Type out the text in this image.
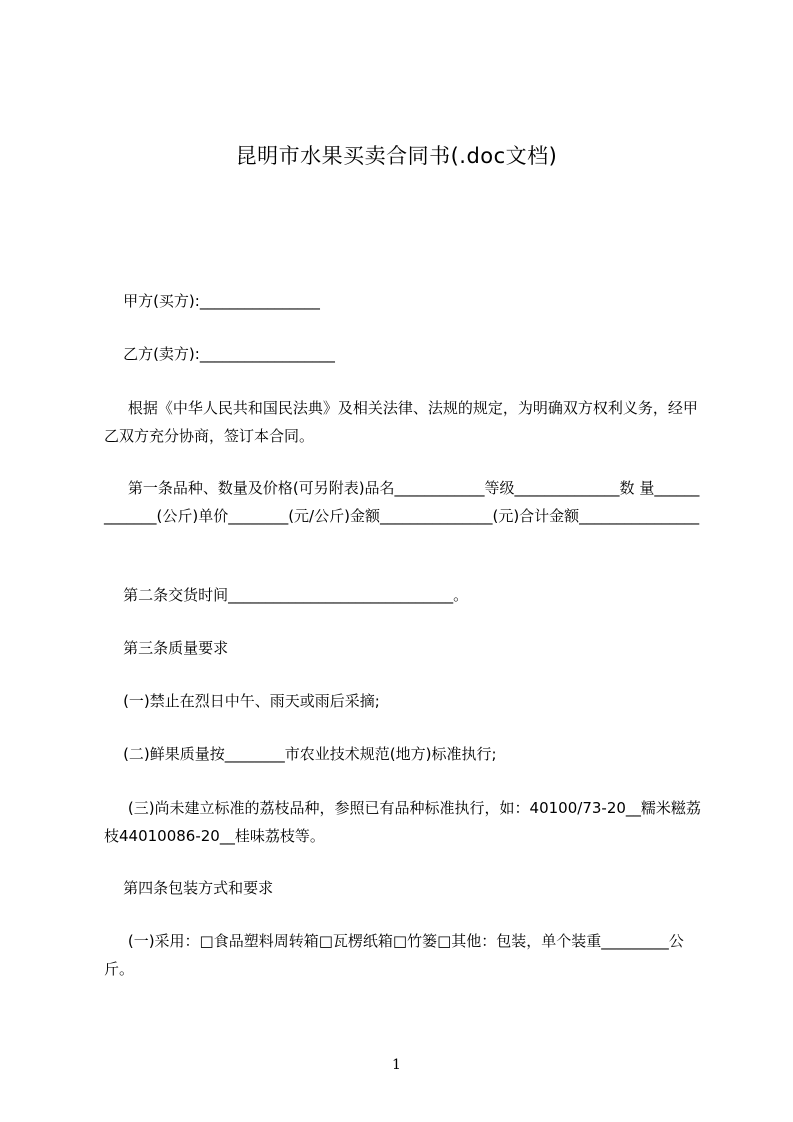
昆明市水果买卖合同书(.doc文档)
甲方(买方):________________
乙方(卖方):__________________
根据《中华人民共和国民法典》及相关法律、法规的规定，为明确双方权利义务，经甲乙双方充分协商，签订本合同。
第一条品种、数量及价格(可另附表)品名____________等级______________数 量_____________(公斤)单价________(元/公斤)金额_______________(元)合计金额________________
第二条交货时间______________________________。
第三条质量要求
(一)禁止在烈日中午、雨天或雨后采摘;
(二)鲜果质量按________市农业技术规范(地方)标准执行;
(三)尚未建立标准的荔枝品种，参照已有品种标准执行，如：40100/73-20__糯米糍荔枝44010086-20__桂味荔枝等。
第四条包装方式和要求
(一)采用：□食品塑料周转箱□瓦楞纸箱□竹篓□其他：包装，单个装重_________公斤。
1
